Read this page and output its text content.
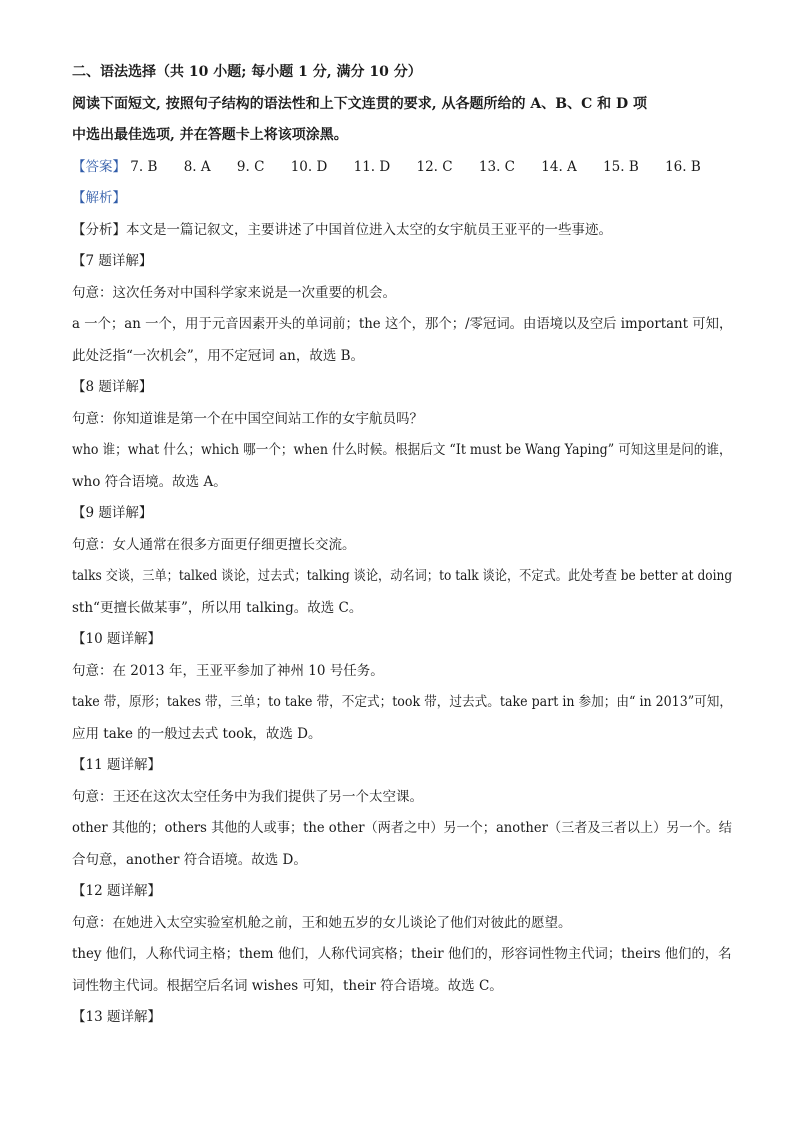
二、语法选择（共 10 小题; 每小题 1 分, 满分 10 分）

阅读下面短文, 按照句子结构的语法性和上下文连贯的要求, 从各题所给的 A、B、C 和 D 项

中选出最佳选项, 并在答题卡上将该项涂黑。

【答案】 7. B 8. A 9. C 10. D 11. D 12. C 13. C 14. A 15. B 16. B

【解析】

【分析】本文是一篇记叙文，主要讲述了中国首位进入太空的女宇航员王亚平的一些事迹。

【7 题详解】

句意：这次任务对中国科学家来说是一次重要的机会。

a 一个；an 一个，用于元音因素开头的单词前；the 这个，那个；/零冠词。由语境以及空后 important 可知，

此处泛指“一次机会”，用不定冠词 an，故选 B。

【8 题详解】

句意：你知道谁是第一个在中国空间站工作的女宇航员吗？

who 谁；what 什么；which 哪一个；when 什么时候。根据后文 “It must be Wang Yaping” 可知这里是问的谁，

who 符合语境。故选 A。

【9 题详解】

句意：女人通常在很多方面更仔细更擅长交流。

talks 交谈，三单；talked 谈论，过去式；talking 谈论，动名词；to talk 谈论，不定式。此处考查 be better at doing

sth“更擅长做某事”，所以用 talking。故选 C。

【10 题详解】

句意：在 2013 年，王亚平参加了神州 10 号任务。

take 带，原形；takes 带，三单；to take 带，不定式；took 带，过去式。take part in 参加；由“ in 2013”可知，

应用 take 的一般过去式 took，故选 D。

【11 题详解】

句意：王还在这次太空任务中为我们提供了另一个太空课。

other 其他的；others 其他的人或事；the other（两者之中）另一个；another（三者及三者以上）另一个。结

合句意，another 符合语境。故选 D。

【12 题详解】

句意：在她进入太空实验室机舱之前，王和她五岁的女儿谈论了他们对彼此的愿望。

they 他们，人称代词主格；them 他们，人称代词宾格；their 他们的，形容词性物主代词；theirs 他们的，名

词性物主代词。根据空后名词 wishes 可知，their 符合语境。故选 C。

【13 题详解】
